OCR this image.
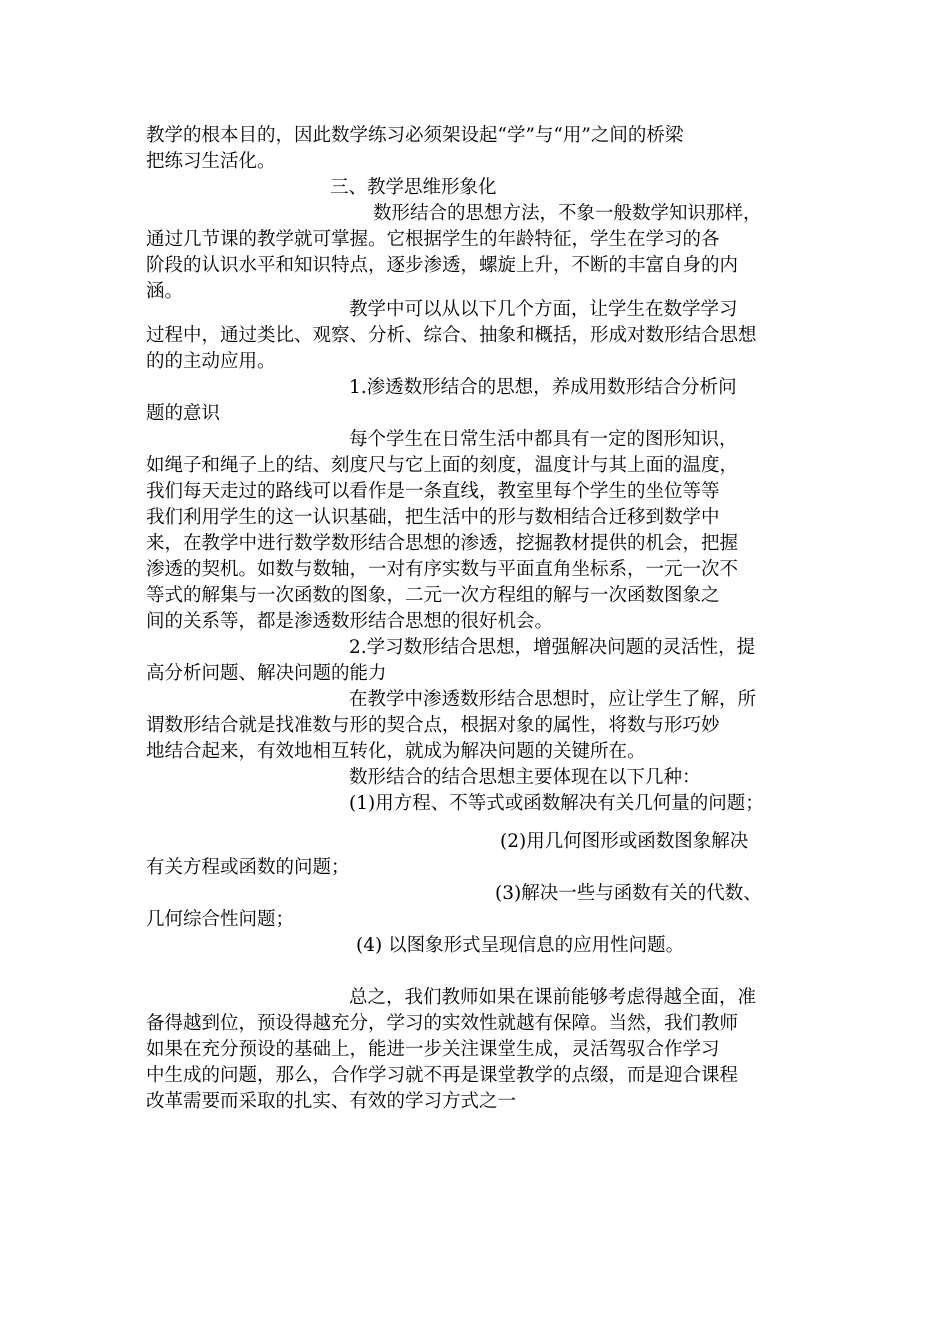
教学的根本目的，因此数学练习必须架设起“学”与“用”之间的桥梁

把练习生活化。

三、教学思维形象化

数形结合的思想方法，不象一般数学知识那样，

通过几节课的教学就可掌握。它根据学生的年龄特征，学生在学习的各

阶段的认识水平和知识特点，逐步渗透，螺旋上升，不断的丰富自身的内

涵。

教学中可以从以下几个方面，让学生在数学学习

过程中，通过类比、观察、分析、综合、抽象和概括，形成对数形结合思想

的的主动应用。

1.渗透数形结合的思想，养成用数形结合分析问

题的意识

每个学生在日常生活中都具有一定的图形知识，

如绳子和绳子上的结、刻度尺与它上面的刻度，温度计与其上面的温度，

我们每天走过的路线可以看作是一条直线，教室里每个学生的坐位等等

我们利用学生的这一认识基础，把生活中的形与数相结合迁移到数学中

来，在教学中进行数学数形结合思想的渗透，挖掘教材提供的机会，把握

渗透的契机。如数与数轴，一对有序实数与平面直角坐标系，一元一次不

等式的解集与一次函数的图象，二元一次方程组的解与一次函数图象之

间的关系等，都是渗透数形结合思想的很好机会。

2.学习数形结合思想，增强解决问题的灵活性，提

高分析问题、解决问题的能力

在教学中渗透数形结合思想时，应让学生了解，所

谓数形结合就是找准数与形的契合点，根据对象的属性，将数与形巧妙

地结合起来，有效地相互转化，就成为解决问题的关键所在。

数形结合的结合思想主要体现在以下几种：

(1)用方程、不等式或函数解决有关几何量的问题；

(2)用几何图形或函数图象解决

有关方程或函数的问题；

(3)解决一些与函数有关的代数、

几何综合性问题；

(4) 以图象形式呈现信息的应用性问题。

总之，我们教师如果在课前能够考虑得越全面，准

备得越到位，预设得越充分，学习的实效性就越有保障。当然，我们教师

如果在充分预设的基础上，能进一步关注课堂生成，灵活驾驭合作学习

中生成的问题，那么，合作学习就不再是课堂教学的点缀，而是迎合课程

改革需要而采取的扎实、有效的学习方式之一
